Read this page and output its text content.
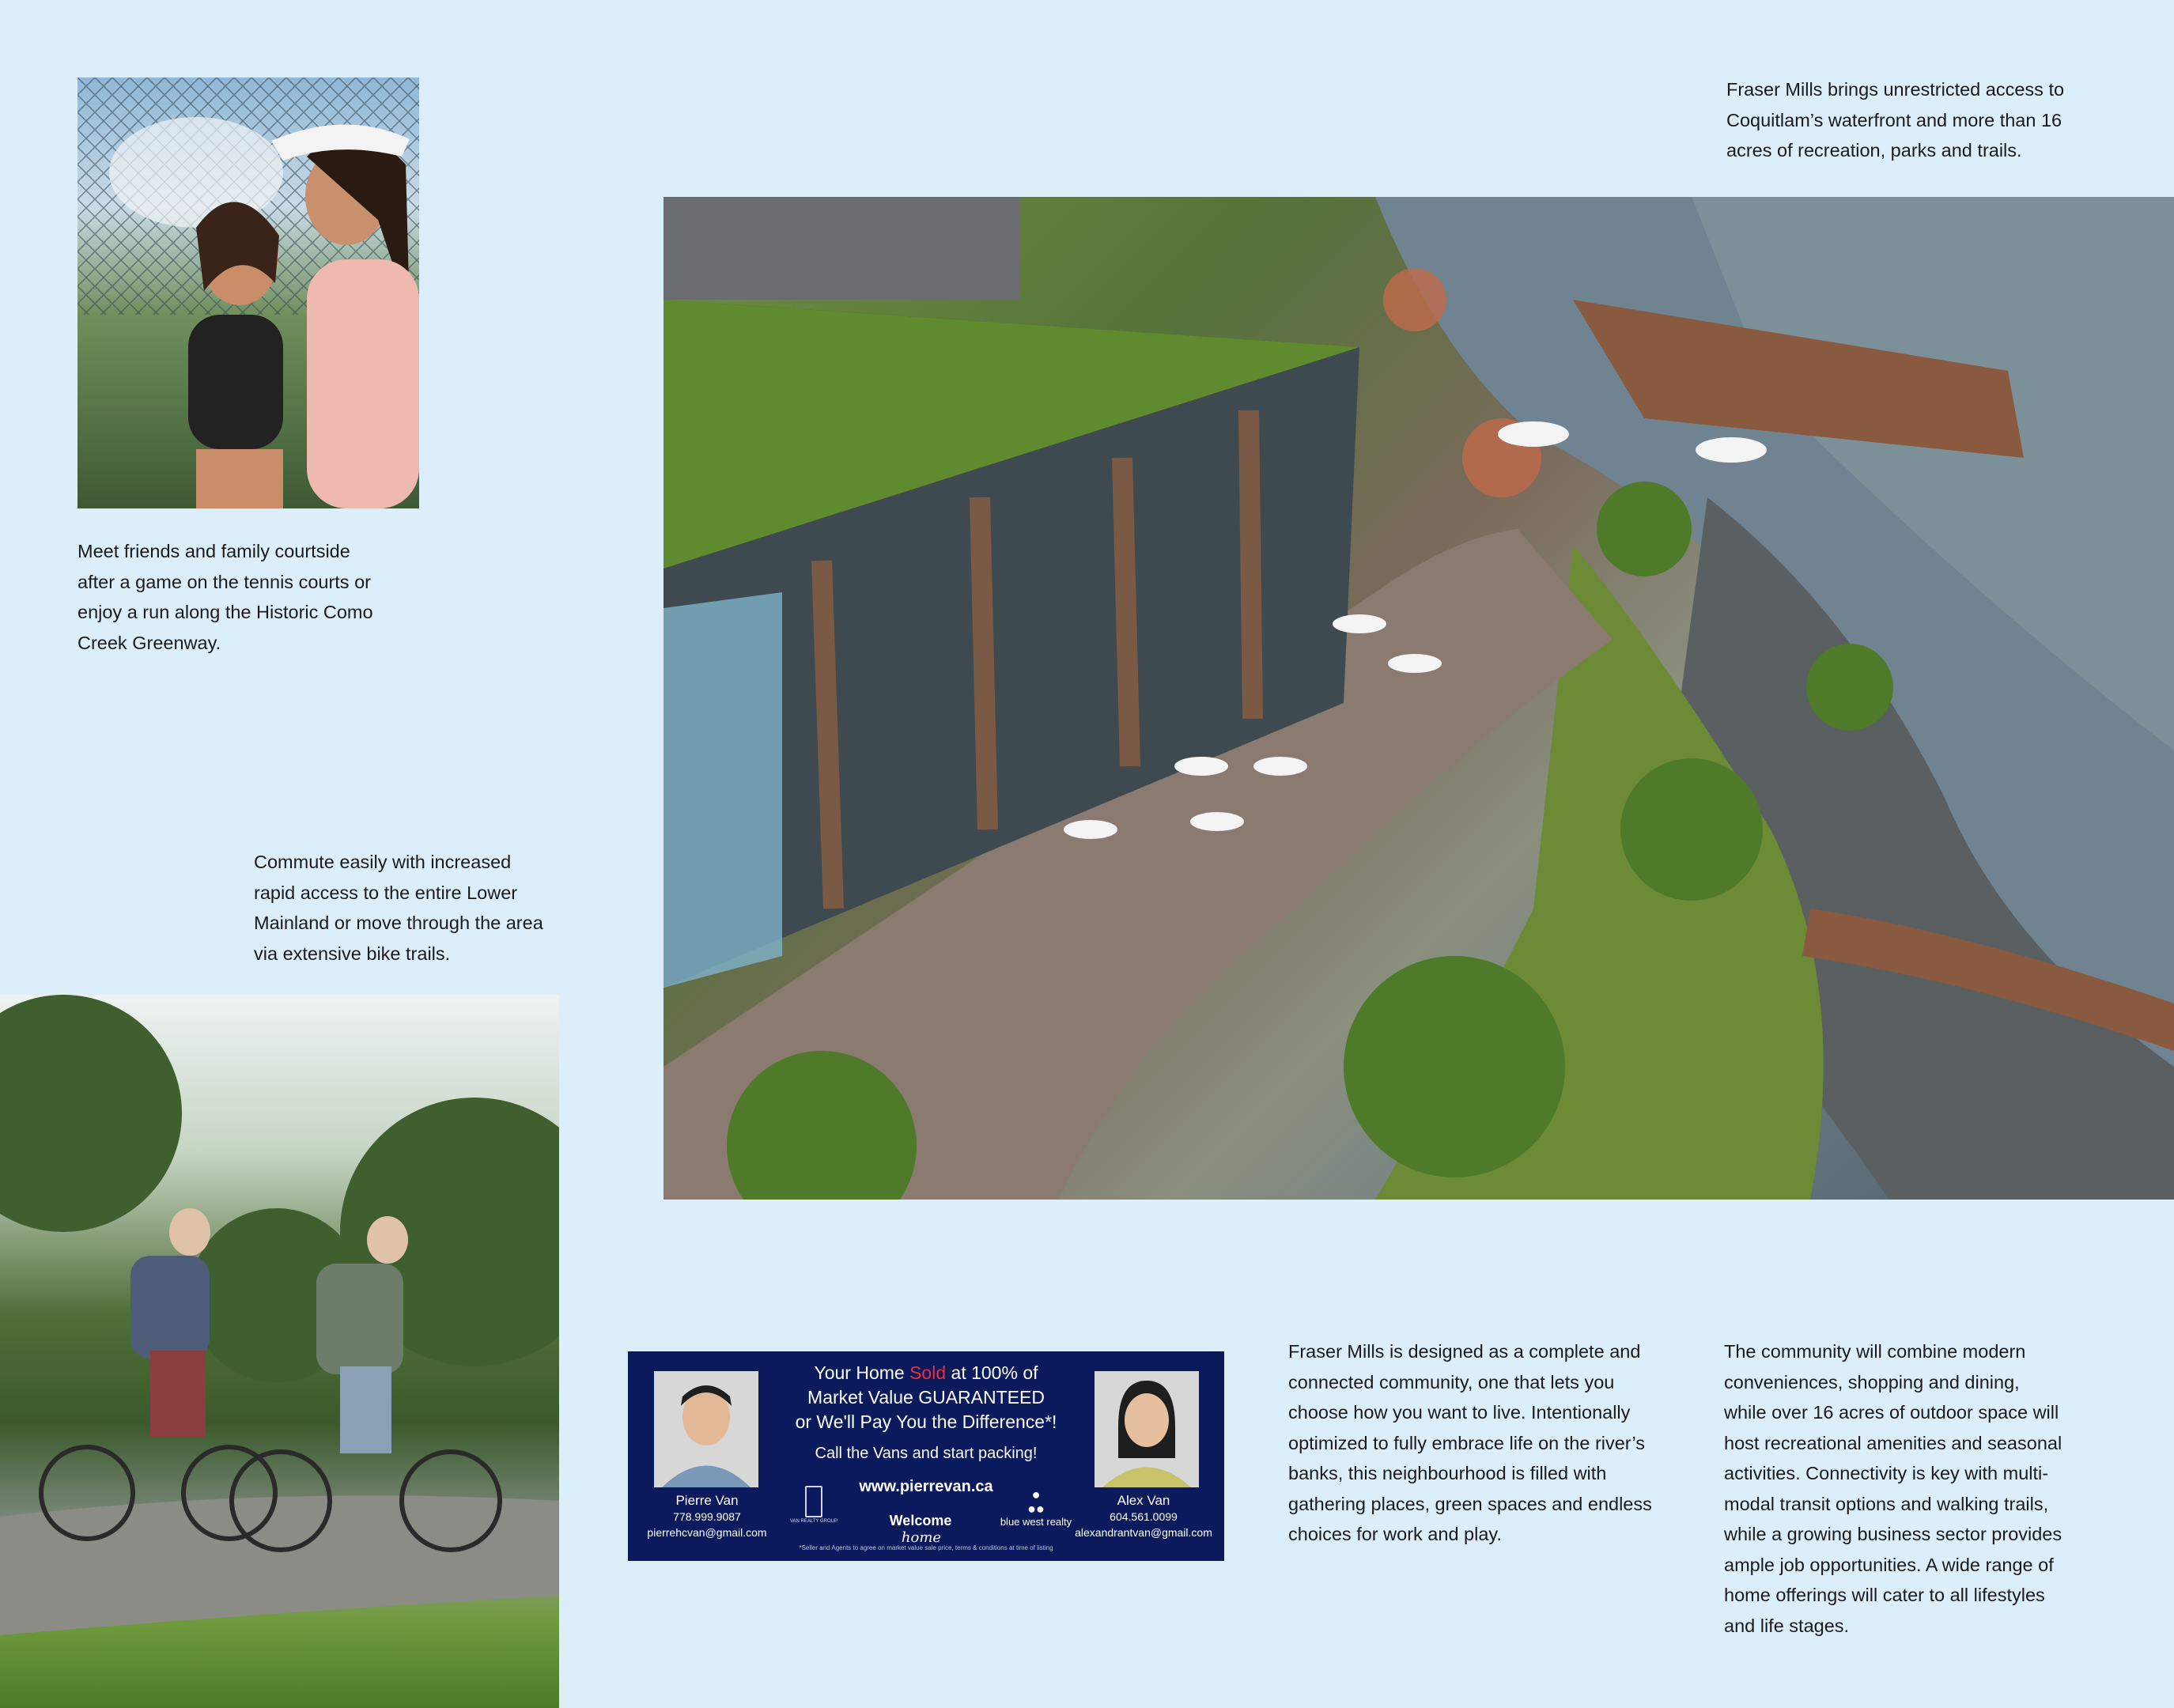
Fraser Mills brings unrestricted access to
Coquitlam’s waterfront and more than 16
acres of recreation, parks and trails.
Meet friends and family courtside
after a game on the tennis courts or
enjoy a run along the Historic Como
Creek Greenway.
Commute easily with increased
rapid access to the entire Lower
Mainland or move through the area
via extensive bike trails.
Your Home Sold at 100% of
Market Value GUARANTEED
or We'll Pay You the Difference*!
Call the Vans and start packing!
www.pierrevan.ca
VAN REALTY GROUP	Welcome home
●
●●
blue west realty
Pierre Van
778.999.9087
pierrehcvan@gmail.com
Alex Van
604.561.0099
alexandrantvan@gmail.com
*Seller and Agents to agree on market value sale price, terms & conditions at time of listing
Fraser Mills is designed as a complete and
connected community, one that lets you
choose how you want to live. Intentionally
optimized to fully embrace life on the river’s
banks, this neighbourhood is filled with
gathering places, green spaces and endless
choices for work and play.
The community will combine modern
conveniences, shopping and dining,
while over 16 acres of outdoor space will
host recreational amenities and seasonal
activities. Connectivity is key with multi-
modal transit options and walking trails,
while a growing business sector provides
ample job opportunities. A wide range of
home offerings will cater to all lifestyles
and life stages.
